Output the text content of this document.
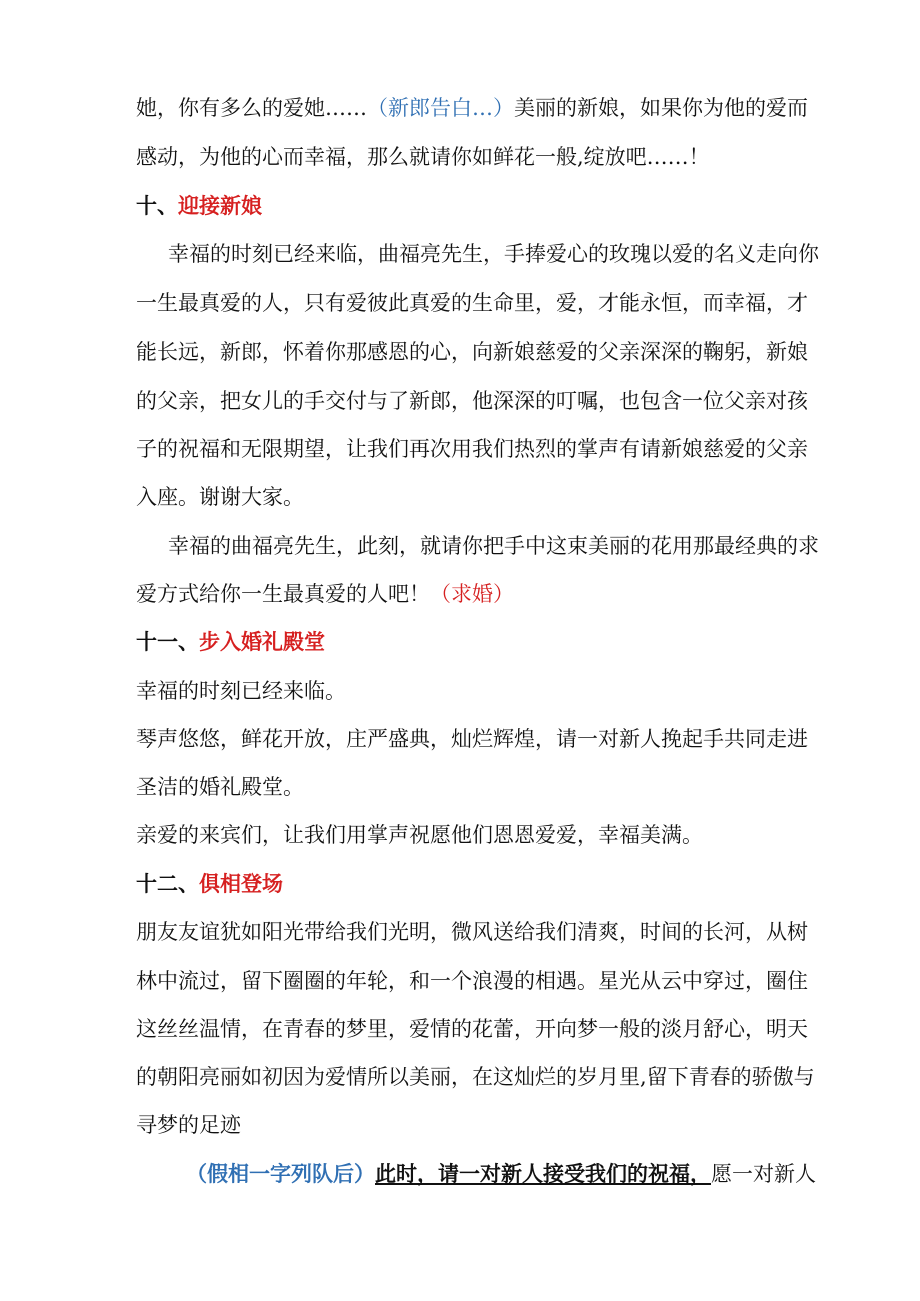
她，你有多么的爱她……（新郎告白…）美丽的新娘，如果你为他的爱而
感动，为他的心而幸福，那么就请你如鲜花一般,绽放吧……！
十、迎接新娘
幸福的时刻已经来临，曲福亮先生，手捧爱心的玫瑰以爱的名义走向你
一生最真爱的人，只有爱彼此真爱的生命里，爱，才能永恒，而幸福，才
能长远，新郎，怀着你那感恩的心，向新娘慈爱的父亲深深的鞠躬，新娘
的父亲，把女儿的手交付与了新郎，他深深的叮嘱，也包含一位父亲对孩
子的祝福和无限期望，让我们再次用我们热烈的掌声有请新娘慈爱的父亲
入座。谢谢大家。
幸福的曲福亮先生，此刻，就请你把手中这束美丽的花用那最经典的求
爱方式给你一生最真爱的人吧！（求婚）
十一、步入婚礼殿堂
幸福的时刻已经来临。
琴声悠悠，鲜花开放，庄严盛典，灿烂辉煌，请一对新人挽起手共同走进
圣洁的婚礼殿堂。
亲爱的来宾们，让我们用掌声祝愿他们恩恩爱爱，幸福美满。
十二、俱相登场
朋友友谊犹如阳光带给我们光明，微风送给我们清爽，时间的长河，从树
林中流过，留下圈圈的年轮，和一个浪漫的相遇。星光从云中穿过，圈住
这丝丝温情，在青春的梦里，爱情的花蕾，开向梦一般的淡月舒心，明天
的朝阳亮丽如初因为爱情所以美丽，在这灿烂的岁月里,留下青春的骄傲与
寻梦的足迹
（假相一字列队后）此时，请一对新人接受我们的祝福，愿一对新人
